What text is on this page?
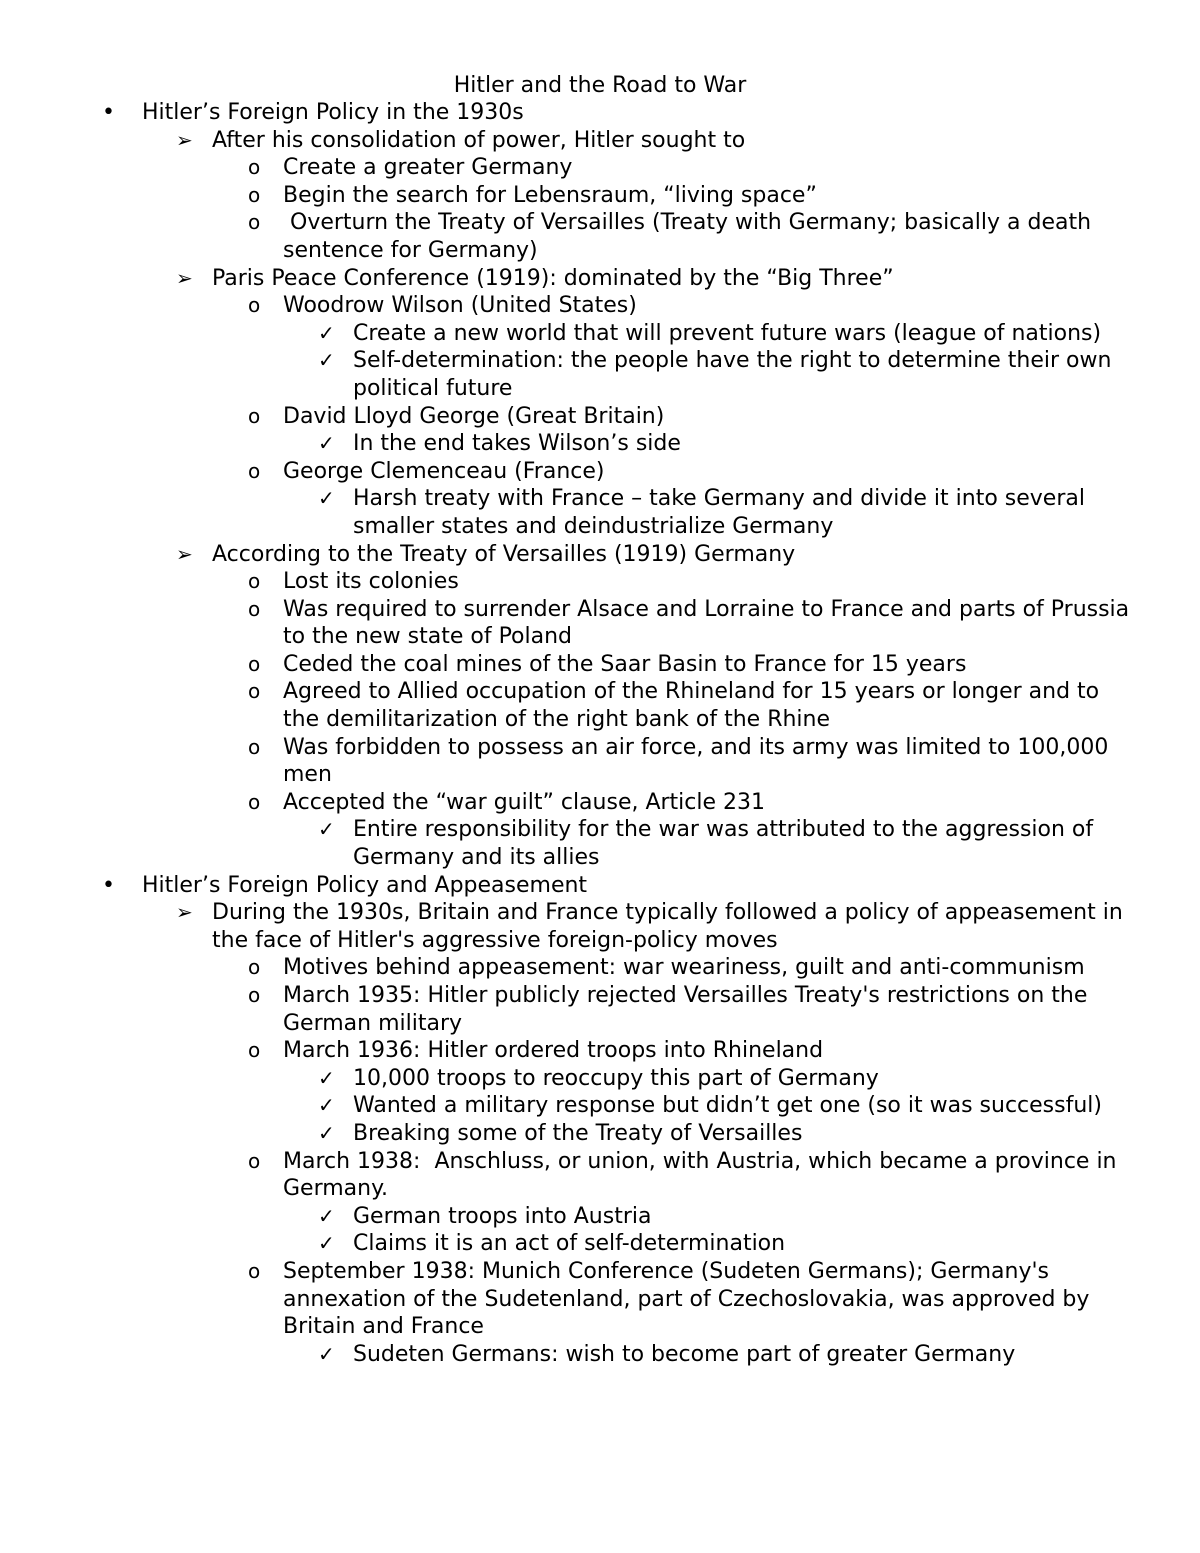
Hitler and the Road to War
• Hitler’s Foreign Policy in the 1930s
➢ After his consolidation of power, Hitler sought to
o Create a greater Germany
o Begin the search for Lebensraum, “living space”
o Overturn the Treaty of Versailles (Treaty with Germany; basically a death sentence for Germany)
➢ Paris Peace Conference (1919): dominated by the “Big Three”
o Woodrow Wilson (United States)
✓ Create a new world that will prevent future wars (league of nations)
✓ Self-determination: the people have the right to determine their own political future
o David Lloyd George (Great Britain)
✓ In the end takes Wilson’s side
o George Clemenceau (France)
✓ Harsh treaty with France – take Germany and divide it into several smaller states and deindustrialize Germany
➢ According to the Treaty of Versailles (1919) Germany
o Lost its colonies
o Was required to surrender Alsace and Lorraine to France and parts of Prussia to the new state of Poland
o Ceded the coal mines of the Saar Basin to France for 15 years
o Agreed to Allied occupation of the Rhineland for 15 years or longer and to the demilitarization of the right bank of the Rhine
o Was forbidden to possess an air force, and its army was limited to 100,000 men
o Accepted the “war guilt” clause, Article 231
✓ Entire responsibility for the war was attributed to the aggression of Germany and its allies
• Hitler’s Foreign Policy and Appeasement
➢ During the 1930s, Britain and France typically followed a policy of appeasement in the face of Hitler's aggressive foreign-policy moves
o Motives behind appeasement: war weariness, guilt and anti-communism
o March 1935: Hitler publicly rejected Versailles Treaty's restrictions on the German military
o March 1936: Hitler ordered troops into Rhineland
✓ 10,000 troops to reoccupy this part of Germany
✓ Wanted a military response but didn’t get one (so it was successful)
✓ Breaking some of the Treaty of Versailles
o March 1938:  Anschluss, or union, with Austria, which became a province in Germany.
✓ German troops into Austria
✓ Claims it is an act of self-determination
o September 1938: Munich Conference (Sudeten Germans); Germany's annexation of the Sudetenland, part of Czechoslovakia, was approved by Britain and France
✓ Sudeten Germans: wish to become part of greater Germany
